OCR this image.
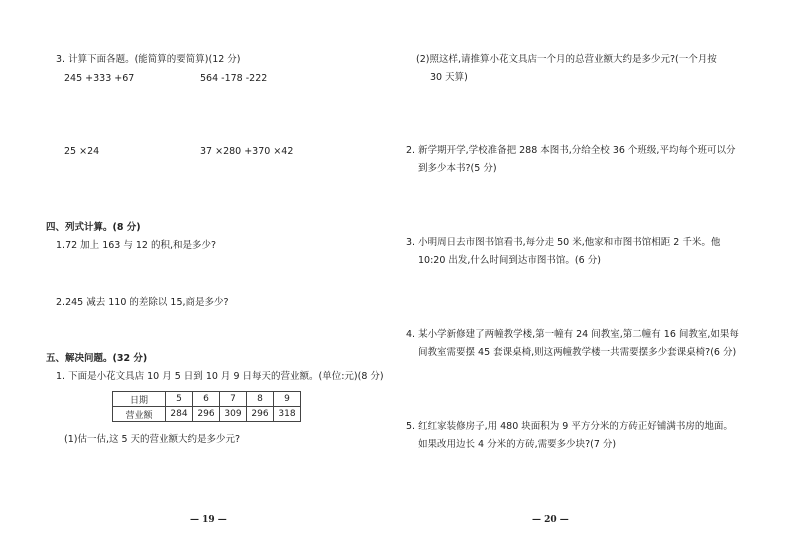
3. 计算下面各题。(能简算的要简算)(12 分)
245 +333 +67	564 -178 -222
25 ×24	37 ×280 +370 ×42
四、列式计算。(8 分)
1.72 加上 163 与 12 的积,和是多少?
2.245 减去 110 的差除以 15,商是多少?
五、解决问题。(32 分)
1. 下面是小花文具店 10 月 5 日到 10 月 9 日每天的营业额。(单位:元)(8 分)
日期	5	6	7	8	9
营业额	284	296	309	296	318
(1)估一估,这 5 天的营业额大约是多少元?
— 19 —
(2)照这样,请推算小花文具店一个月的总营业额大约是多少元?(一个月按
30 天算)
2. 新学期开学,学校准备把 288 本图书,分给全校 36 个班级,平均每个班可以分
到多少本书?(5 分)
3. 小明周日去市图书馆看书,每分走 50 米,他家和市图书馆相距 2 千米。他
10:20 出发,什么时间到达市图书馆。(6 分)
4. 某小学新修建了两幢教学楼,第一幢有 24 间教室,第二幢有 16 间教室,如果每
间教室需要摆 45 套课桌椅,则这两幢教学楼一共需要摆多少套课桌椅?(6 分)
5. 红红家装修房子,用 480 块面积为 9 平方分米的方砖正好铺满书房的地面。
如果改用边长 4 分米的方砖,需要多少块?(7 分)
— 20 —
